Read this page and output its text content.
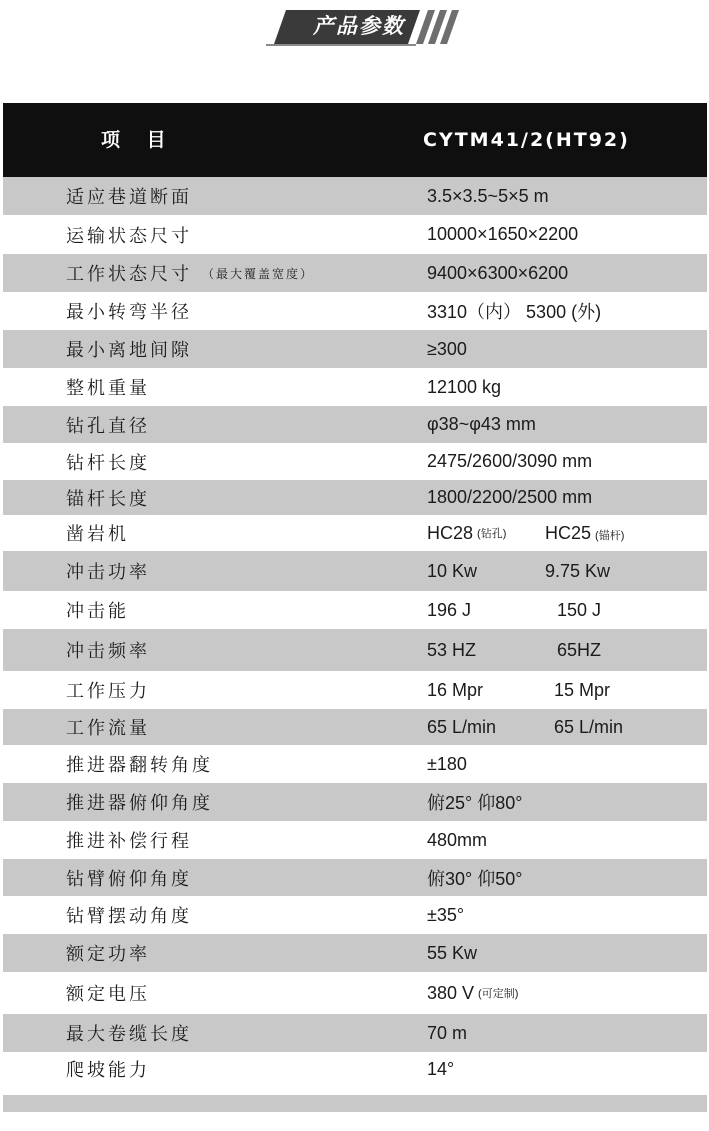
产品参数
项 目	CYTM41/2(HT92)
适应巷道断面	3.5×3.5~5×5 m
运输状态尺寸	10000×1650×2200
工作状态尺寸 （最大覆盖宽度）	9400×6300×6200
最小转弯半径	3310（内） 5300 (外)
最小离地间隙	≥300
整机重量	12100 kg
钻孔直径	φ38~φ43 mm
钻杆长度	2475/2600/3090 mm
锚杆长度	1800/2200/2500 mm
凿岩机	HC28 (钻孔) HC25 (锚杆)
冲击功率	10 Kw	9.75 Kw
冲击能	196 J	150 J
冲击频率	53 HZ	65HZ
工作压力	16 Mpr	15 Mpr
工作流量	65 L/min	65 L/min
推进器翻转角度	±180
推进器俯仰角度	俯25° 仰80°
推进补偿行程	480mm
钻臂俯仰角度	俯30° 仰50°
钻臂摆动角度	±35°
额定功率	55 Kw
额定电压	380 V (可定制)
最大卷缆长度	70 m
爬坡能力	14°
